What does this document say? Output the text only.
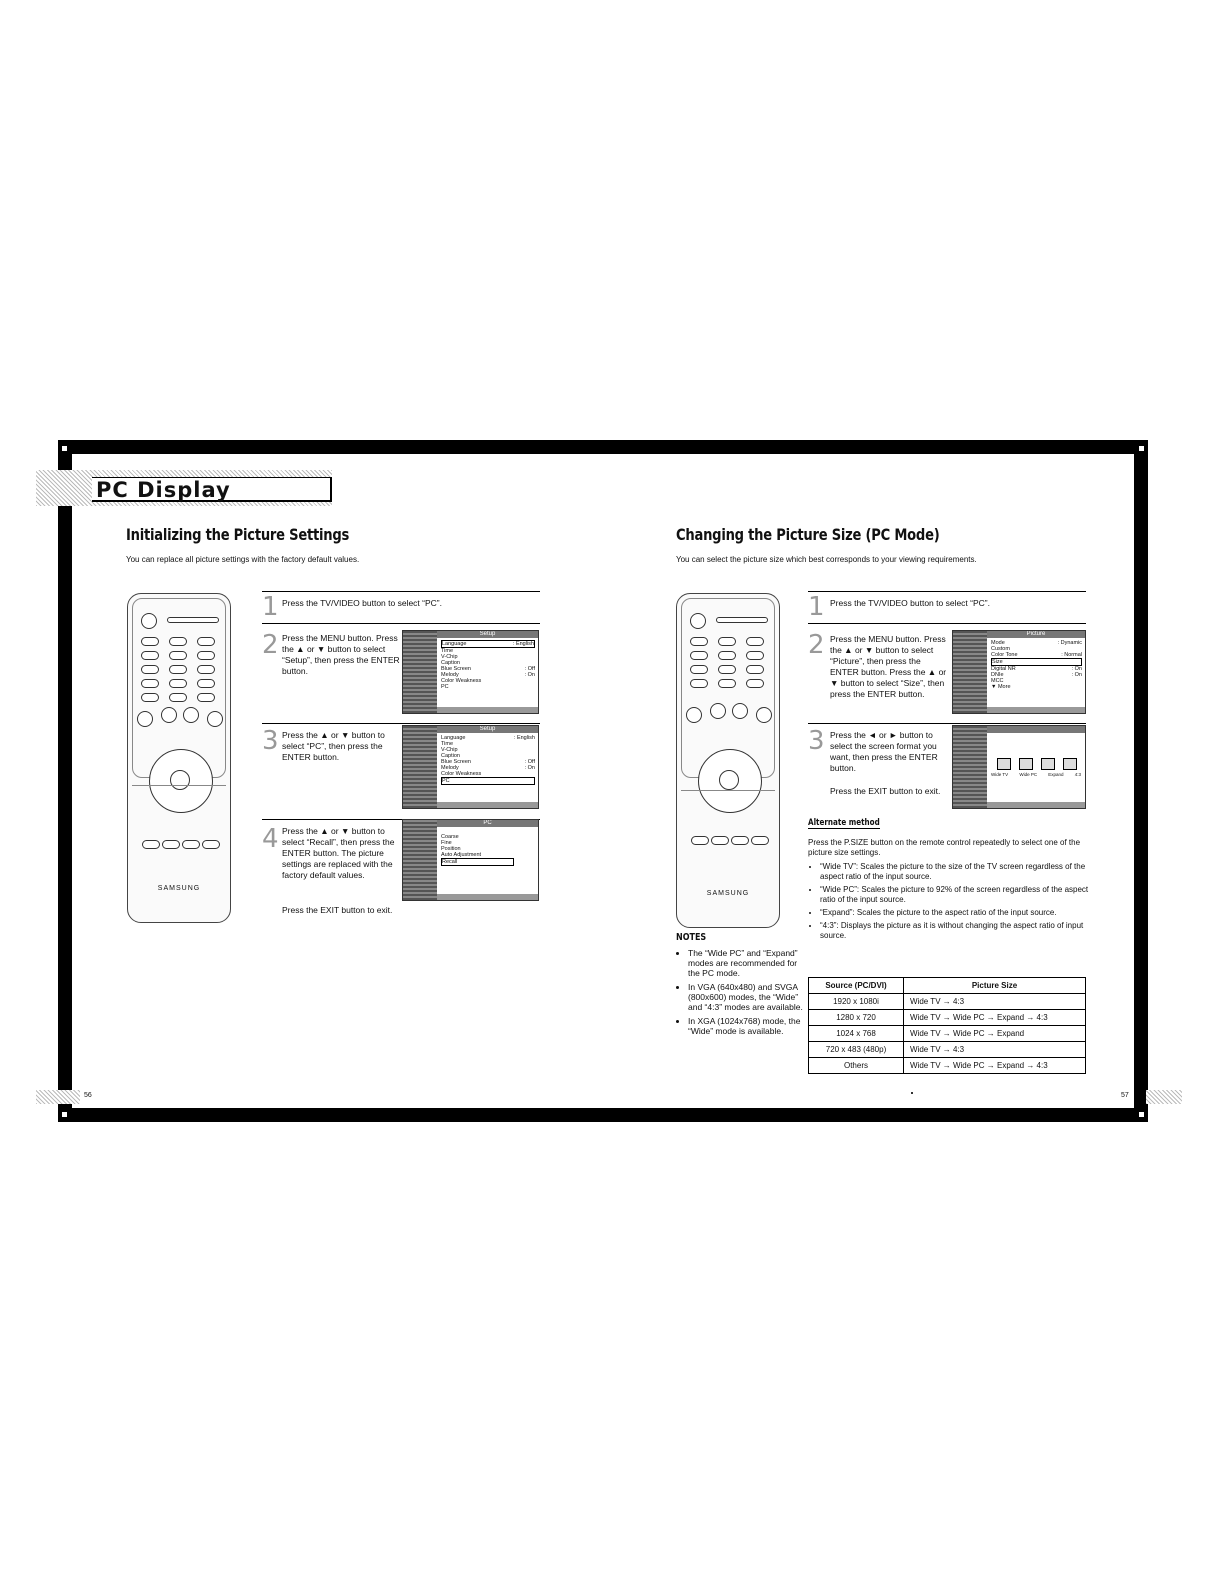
PC Display
56	57
Initializing the Picture Settings
You can replace all picture settings with the factory default values.
SAMSUNG
1 Press the TV/VIDEO button to select “PC”.
2 Press the MENU button. Press the ▲ or ▼ button to select “Setup”, then press the ENTER button.
Setup
Language	: English
Time
V-Chip
Caption
Blue Screen	: Off
Melody	: On
Color Weakness
PC
3 Press the ▲ or ▼ button to select “PC”, then press the ENTER button.
Setup
Language	: English
Time
V-Chip
Caption
Blue Screen	: Off
Melody	: On
Color Weakness
PC
4 Press the ▲ or ▼ button to select “Recall”, then press the ENTER button. The picture settings are replaced with the factory default values.
Press the EXIT button to exit.
PC
Coarse
Fine
Position
Auto Adjustment
Recall
Changing the Picture Size (PC Mode)
You can select the picture size which best corresponds to your viewing requirements.
SAMSUNG
NOTES
• The “Wide PC” and “Expand” modes are recommended for the PC mode.
• In VGA (640x480) and SVGA (800x600) modes, the “Wide” and “4:3” modes are available.
• In XGA (1024x768) mode, the “Wide” mode is available.
1 Press the TV/VIDEO button to select “PC”.
2 Press the MENU button. Press the ▲ or ▼ button to select “Picture”, then press the ENTER button. Press the ▲ or ▼ button to select “Size”, then press the ENTER button.
Picture
Mode	: Dynamic
Custom
Color Tone	: Normal
Size
Digital NR	: On
DNIe	: On
MCC
▼ More
3 Press the ◄ or ► button to select the screen format you want, then press the ENTER button.
Press the EXIT button to exit.
Wide TV Wide PC Expand 4:3
Alternate method
Press the P.SIZE button on the remote control repeatedly to select one of the picture size settings.
• “Wide TV”: Scales the picture to the size of the TV screen regardless of the aspect ratio of the input source.
• “Wide PC”: Scales the picture to 92% of the screen regardless of the aspect ratio of the input source.
• “Expand”: Scales the picture to the aspect ratio of the input source.
• “4:3”: Displays the picture as it is without changing the aspect ratio of input source.
Source (PC/DVI)	Picture Size
1920 x 1080i	Wide TV → 4:3
1280 x 720	Wide TV → Wide PC → Expand → 4:3
1024 x 768	Wide TV → Wide PC → Expand
720 x 483 (480p)	Wide TV → 4:3
Others	Wide TV → Wide PC → Expand → 4:3
